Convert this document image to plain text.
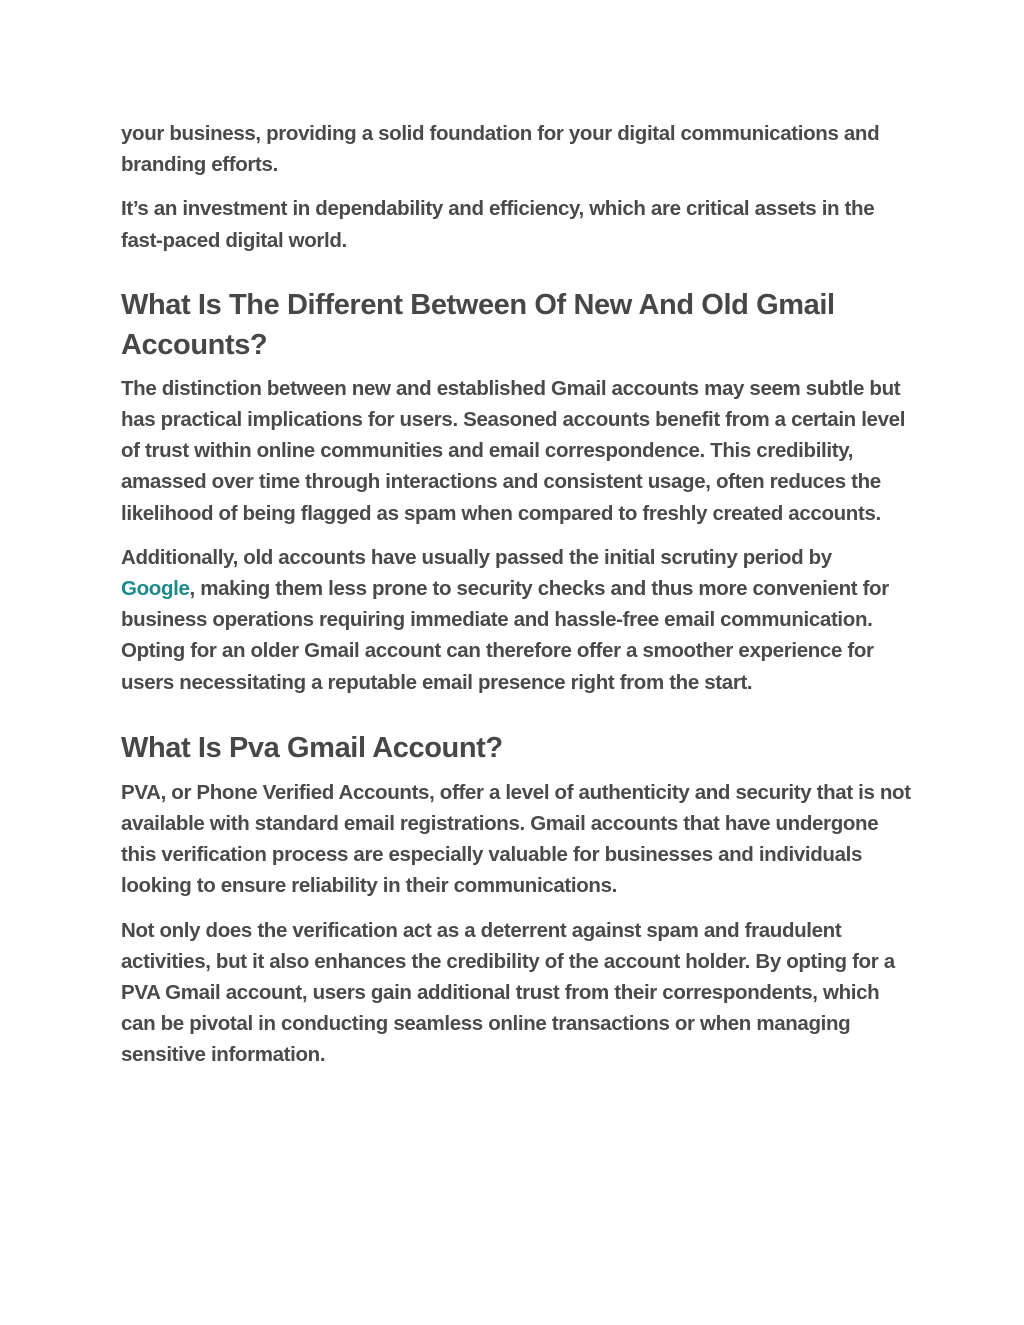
your business, providing a solid foundation for your digital communications and branding efforts.

It’s an investment in dependability and efficiency, which are critical assets in the fast-paced digital world.

What Is The Different Between Of New And Old Gmail Accounts?

The distinction between new and established Gmail accounts may seem subtle but has practical implications for users. Seasoned accounts benefit from a certain level of trust within online communities and email correspondence. This credibility, amassed over time through interactions and consistent usage, often reduces the likelihood of being flagged as spam when compared to freshly created accounts.

Additionally, old accounts have usually passed the initial scrutiny period by Google, making them less prone to security checks and thus more convenient for business operations requiring immediate and hassle-free email communication. Opting for an older Gmail account can therefore offer a smoother experience for users necessitating a reputable email presence right from the start.

What Is Pva Gmail Account?

PVA, or Phone Verified Accounts, offer a level of authenticity and security that is not available with standard email registrations. Gmail accounts that have undergone this verification process are especially valuable for businesses and individuals looking to ensure reliability in their communications.

Not only does the verification act as a deterrent against spam and fraudulent activities, but it also enhances the credibility of the account holder. By opting for a PVA Gmail account, users gain additional trust from their correspondents, which can be pivotal in conducting seamless online transactions or when managing sensitive information.
